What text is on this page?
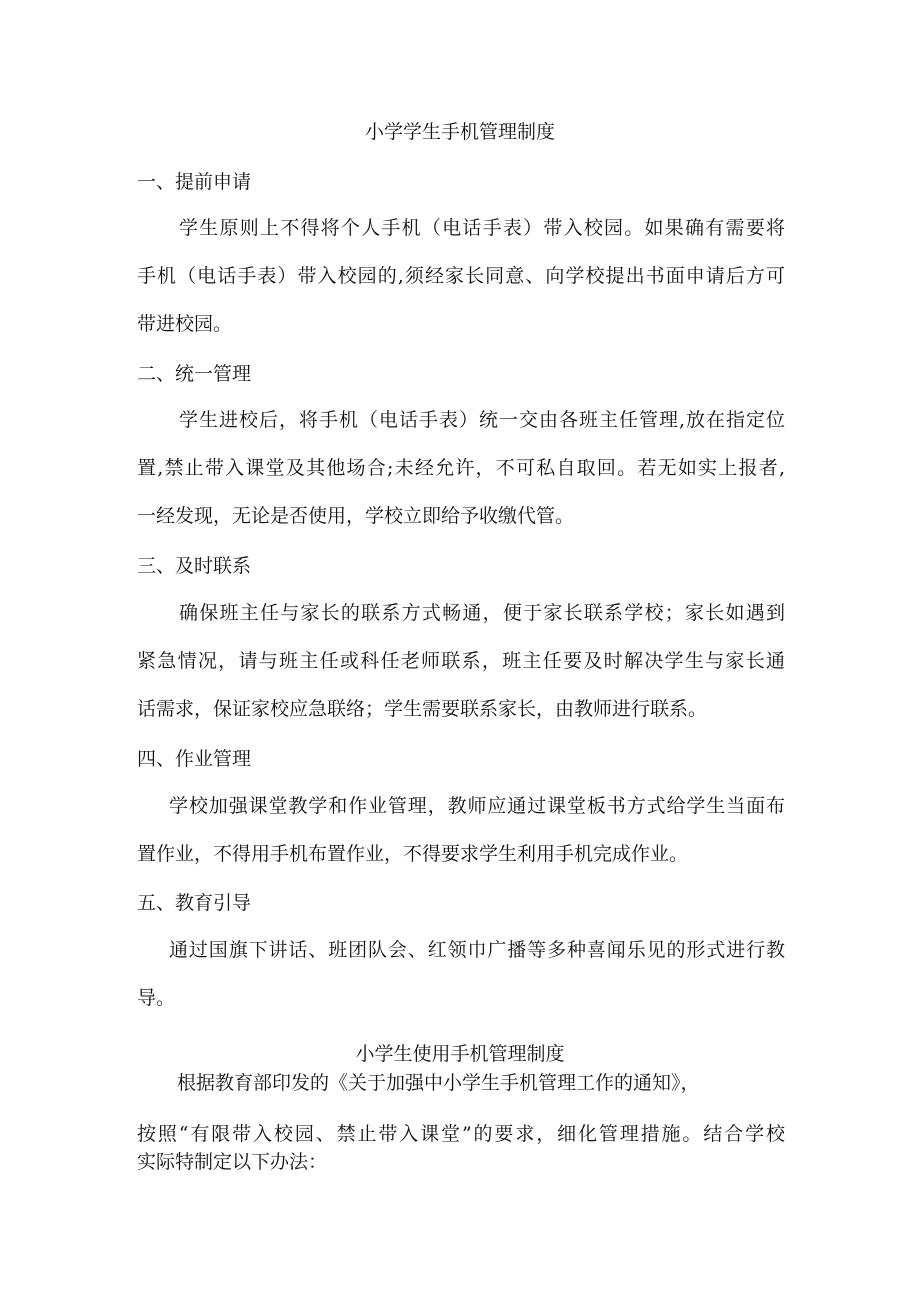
小学学生手机管理制度
一、提前申请
学生原则上不得将个人手机（电话手表）带入校园。如果确有需要将
手机（电话手表）带入校园的,须经家长同意、向学校提出书面申请后方可
带进校园。
二、统一管理
学生进校后，将手机（电话手表）统一交由各班主任管理,放在指定位
置,禁止带入课堂及其他场合;未经允许，不可私自取回。若无如实上报者,
一经发现，无论是否使用，学校立即给予收缴代管。
三、及时联系
确保班主任与家长的联系方式畅通，便于家长联系学校；家长如遇到
紧急情况，请与班主任或科任老师联系，班主任要及时解决学生与家长通
话需求，保证家校应急联络；学生需要联系家长，由教师进行联系。
四、作业管理
学校加强课堂教学和作业管理，教师应通过课堂板书方式给学生当面布
置作业，不得用手机布置作业，不得要求学生利用手机完成作业。
五、教育引导
通过国旗下讲话、班团队会、红领巾广播等多种喜闻乐见的形式进行教
导。
小学生使用手机管理制度
根据教育部印发的《关于加强中小学生手机管理工作的通知》，
按照“有限带入校园、禁止带入课堂”的要求，细化管理措施。结合学校
实际特制定以下办法：
